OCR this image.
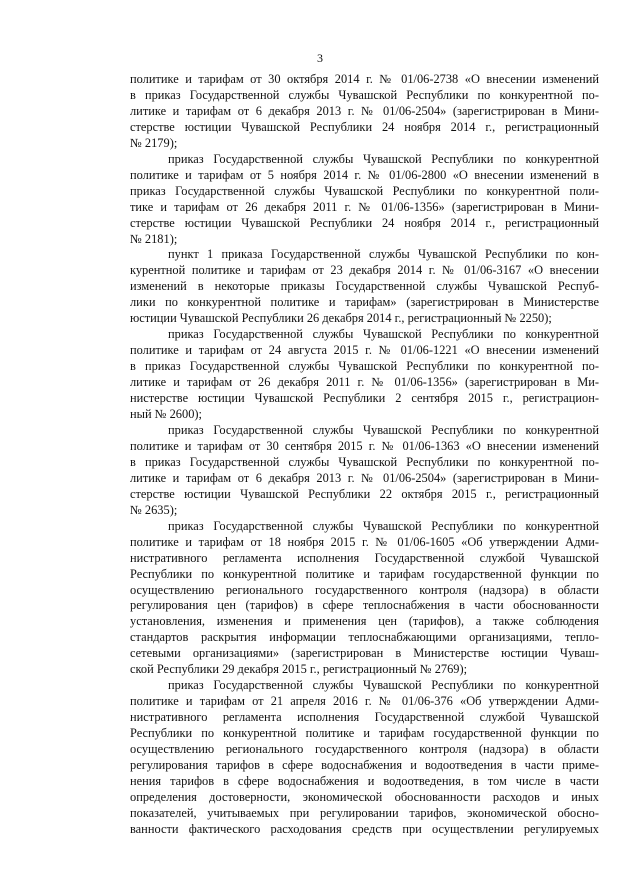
3
политике и тарифам от 30 октября 2014 г. № 01/06-2738 «О внесении изменений
в приказ Государственной службы Чувашской Республики по конкурентной по-
литике и тарифам от 6 декабря 2013 г. № 01/06-2504» (зарегистрирован в Мини-
стерстве юстиции Чувашской Республики 24 ноября 2014 г., регистрационный
№ 2179);
приказ Государственной службы Чувашской Республики по конкурентной
политике и тарифам от 5 ноября 2014 г. № 01/06-2800 «О внесении изменений в
приказ Государственной службы Чувашской Республики по конкурентной поли-
тике и тарифам от 26 декабря 2011 г. № 01/06-1356» (зарегистрирован в Мини-
стерстве юстиции Чувашской Республики 24 ноября 2014 г., регистрационный
№ 2181);
пункт 1 приказа Государственной службы Чувашской Республики по кон-
курентной политике и тарифам от 23 декабря 2014 г. № 01/06-3167 «О внесении
изменений в некоторые приказы Государственной службы Чувашской Респуб-
лики по конкурентной политике и тарифам» (зарегистрирован в Министерстве
юстиции Чувашской Республики 26 декабря 2014 г., регистрационный № 2250);
приказ Государственной службы Чувашской Республики по конкурентной
политике и тарифам от 24 августа 2015 г. № 01/06-1221 «О внесении изменений
в приказ Государственной службы Чувашской Республики по конкурентной по-
литике и тарифам от 26 декабря 2011 г. № 01/06-1356» (зарегистрирован в Ми-
нистерстве юстиции Чувашской Республики 2 сентября 2015 г., регистрацион-
ный № 2600);
приказ Государственной службы Чувашской Республики по конкурентной
политике и тарифам от 30 сентября 2015 г. № 01/06-1363 «О внесении изменений
в приказ Государственной службы Чувашской Республики по конкурентной по-
литике и тарифам от 6 декабря 2013 г. № 01/06-2504» (зарегистрирован в Мини-
стерстве юстиции Чувашской Республики 22 октября 2015 г., регистрационный
№ 2635);
приказ Государственной службы Чувашской Республики по конкурентной
политике и тарифам от 18 ноября 2015 г. № 01/06-1605 «Об утверждении Адми-
нистративного регламента исполнения Государственной службой Чувашской
Республики по конкурентной политике и тарифам государственной функции по
осуществлению регионального государственного контроля (надзора) в области
регулирования цен (тарифов) в сфере теплоснабжения в части обоснованности
установления, изменения и применения цен (тарифов), а также соблюдения
стандартов раскрытия информации теплоснабжающими организациями, тепло-
сетевыми организациями» (зарегистрирован в Министерстве юстиции Чуваш-
ской Республики 29 декабря 2015 г., регистрационный № 2769);
приказ Государственной службы Чувашской Республики по конкурентной
политике и тарифам от 21 апреля 2016 г. № 01/06-376 «Об утверждении Адми-
нистративного регламента исполнения Государственной службой Чувашской
Республики по конкурентной политике и тарифам государственной функции по
осуществлению регионального государственного контроля (надзора) в области
регулирования тарифов в сфере водоснабжения и водоотведения в части приме-
нения тарифов в сфере водоснабжения и водоотведения, в том числе в части
определения достоверности, экономической обоснованности расходов и иных
показателей, учитываемых при регулировании тарифов, экономической обосно-
ванности фактического расходования средств при осуществлении регулируемых
